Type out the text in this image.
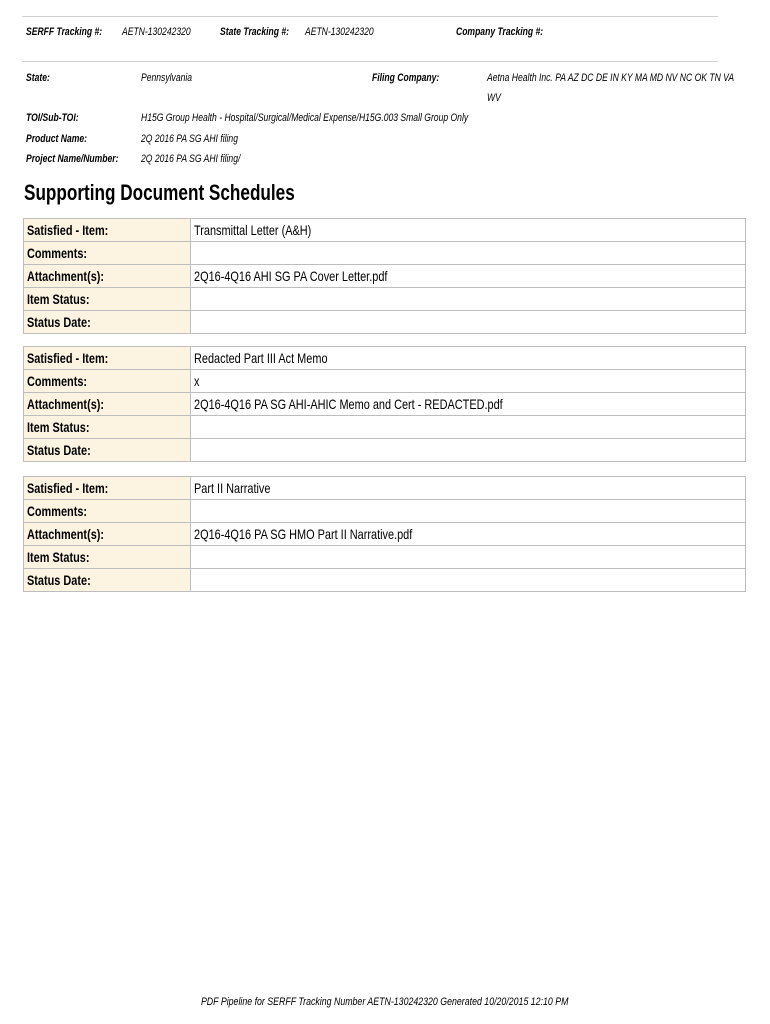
SERFF Tracking #:	AETN-130242320	State Tracking #:	AETN-130242320	Company Tracking #:
State:	Pennsylvania	Filing Company:	Aetna Health Inc. PA AZ DC DE IN KY MA MD NV NC OK TN VA
WV
TOI/Sub-TOI:	H15G Group Health - Hospital/Surgical/Medical Expense/H15G.003 Small Group Only
Product Name:	2Q 2016 PA SG AHI filing
Project Name/Number:	2Q 2016 PA SG AHI filing/
Supporting Document Schedules
Satisfied - Item:	Transmittal Letter (A&H)
Comments:	
Attachment(s):	2Q16-4Q16 AHI SG PA Cover Letter.pdf
Item Status:	
Status Date:	
Satisfied - Item:	Redacted Part III Act Memo
Comments:	x
Attachment(s):	2Q16-4Q16 PA SG AHI-AHIC Memo and Cert - REDACTED.pdf
Item Status:	
Status Date:	
Satisfied - Item:	Part II Narrative
Comments:	
Attachment(s):	2Q16-4Q16 PA SG HMO Part II Narrative.pdf
Item Status:	
Status Date:	
PDF Pipeline for SERFF Tracking Number AETN-130242320 Generated 10/20/2015 12:10 PM
